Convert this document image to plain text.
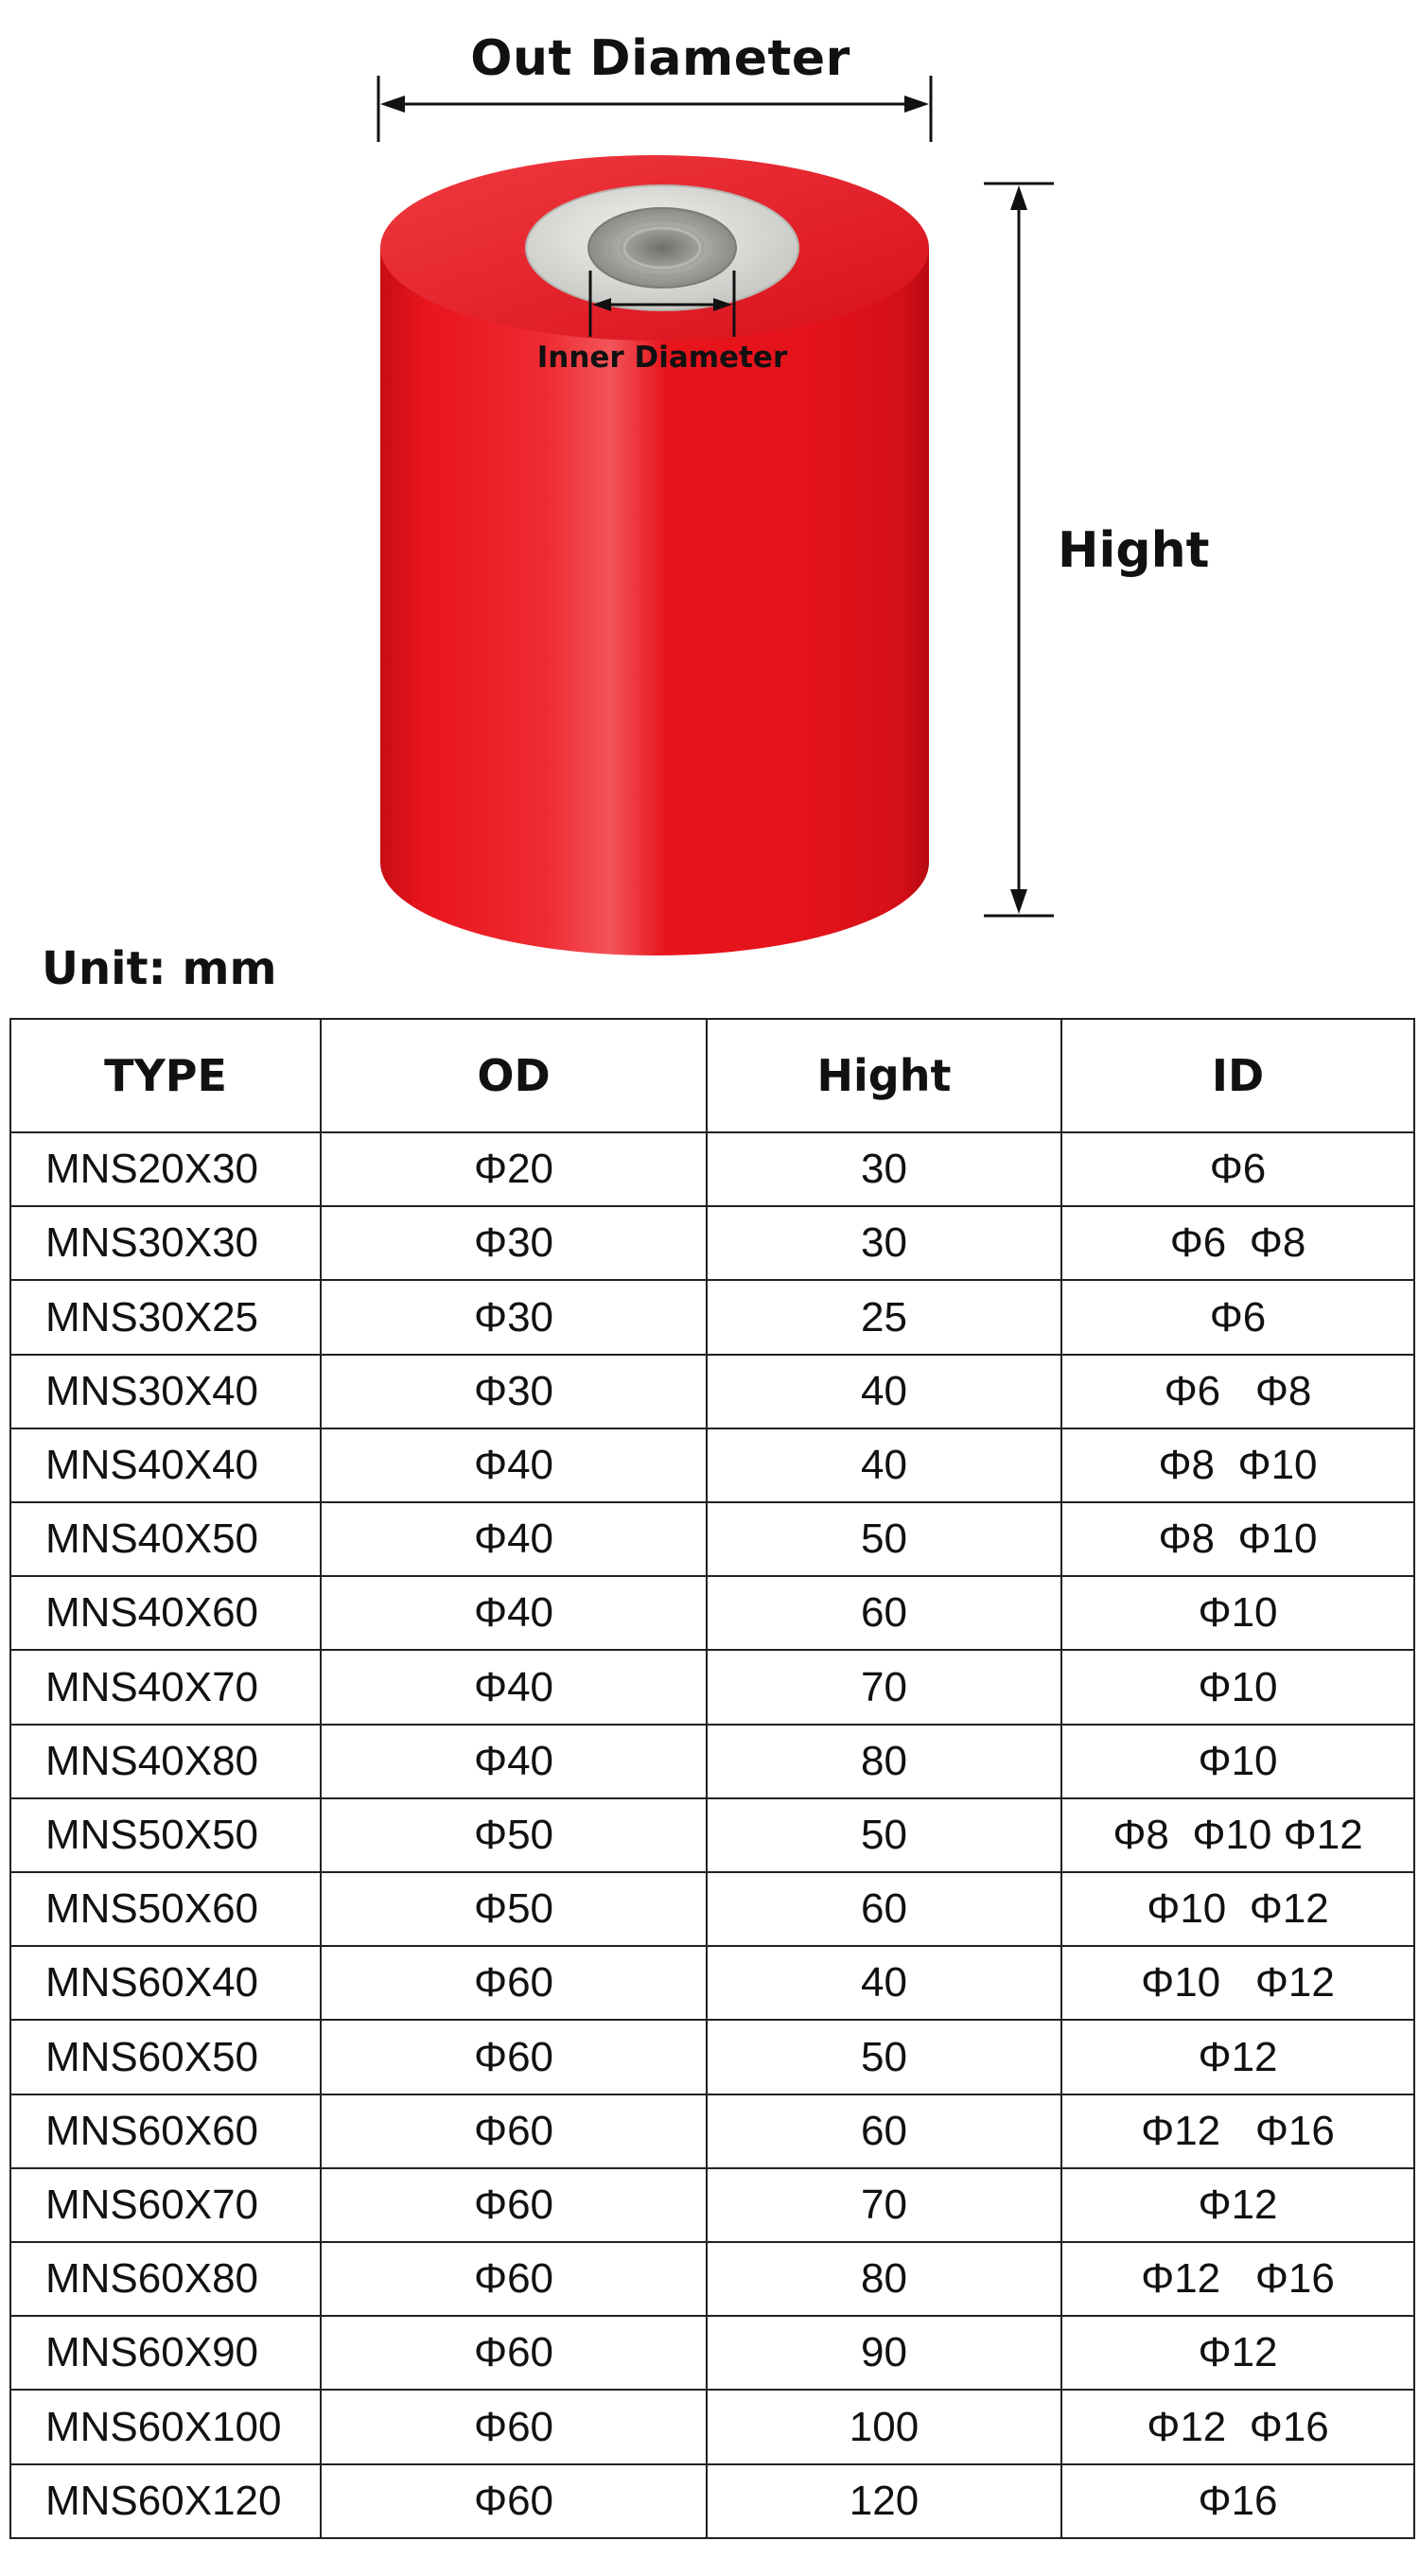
Out Diameter
Inner Diameter
Hight
Unit: mm
TYPE	OD	Hight	ID
MNS20X30	Φ20	30	Φ6
MNS30X30	Φ30	30	Φ6  Φ8
MNS30X25	Φ30	25	Φ6
MNS30X40	Φ30	40	Φ6   Φ8
MNS40X40	Φ40	40	Φ8  Φ10
MNS40X50	Φ40	50	Φ8  Φ10
MNS40X60	Φ40	60	Φ10
MNS40X70	Φ40	70	Φ10
MNS40X80	Φ40	80	Φ10
MNS50X50	Φ50	50	Φ8  Φ10 Φ12
MNS50X60	Φ50	60	Φ10  Φ12
MNS60X40	Φ60	40	Φ10   Φ12
MNS60X50	Φ60	50	Φ12
MNS60X60	Φ60	60	Φ12   Φ16
MNS60X70	Φ60	70	Φ12
MNS60X80	Φ60	80	Φ12   Φ16
MNS60X90	Φ60	90	Φ12
MNS60X100	Φ60	100	Φ12  Φ16
MNS60X120	Φ60	120	Φ16
